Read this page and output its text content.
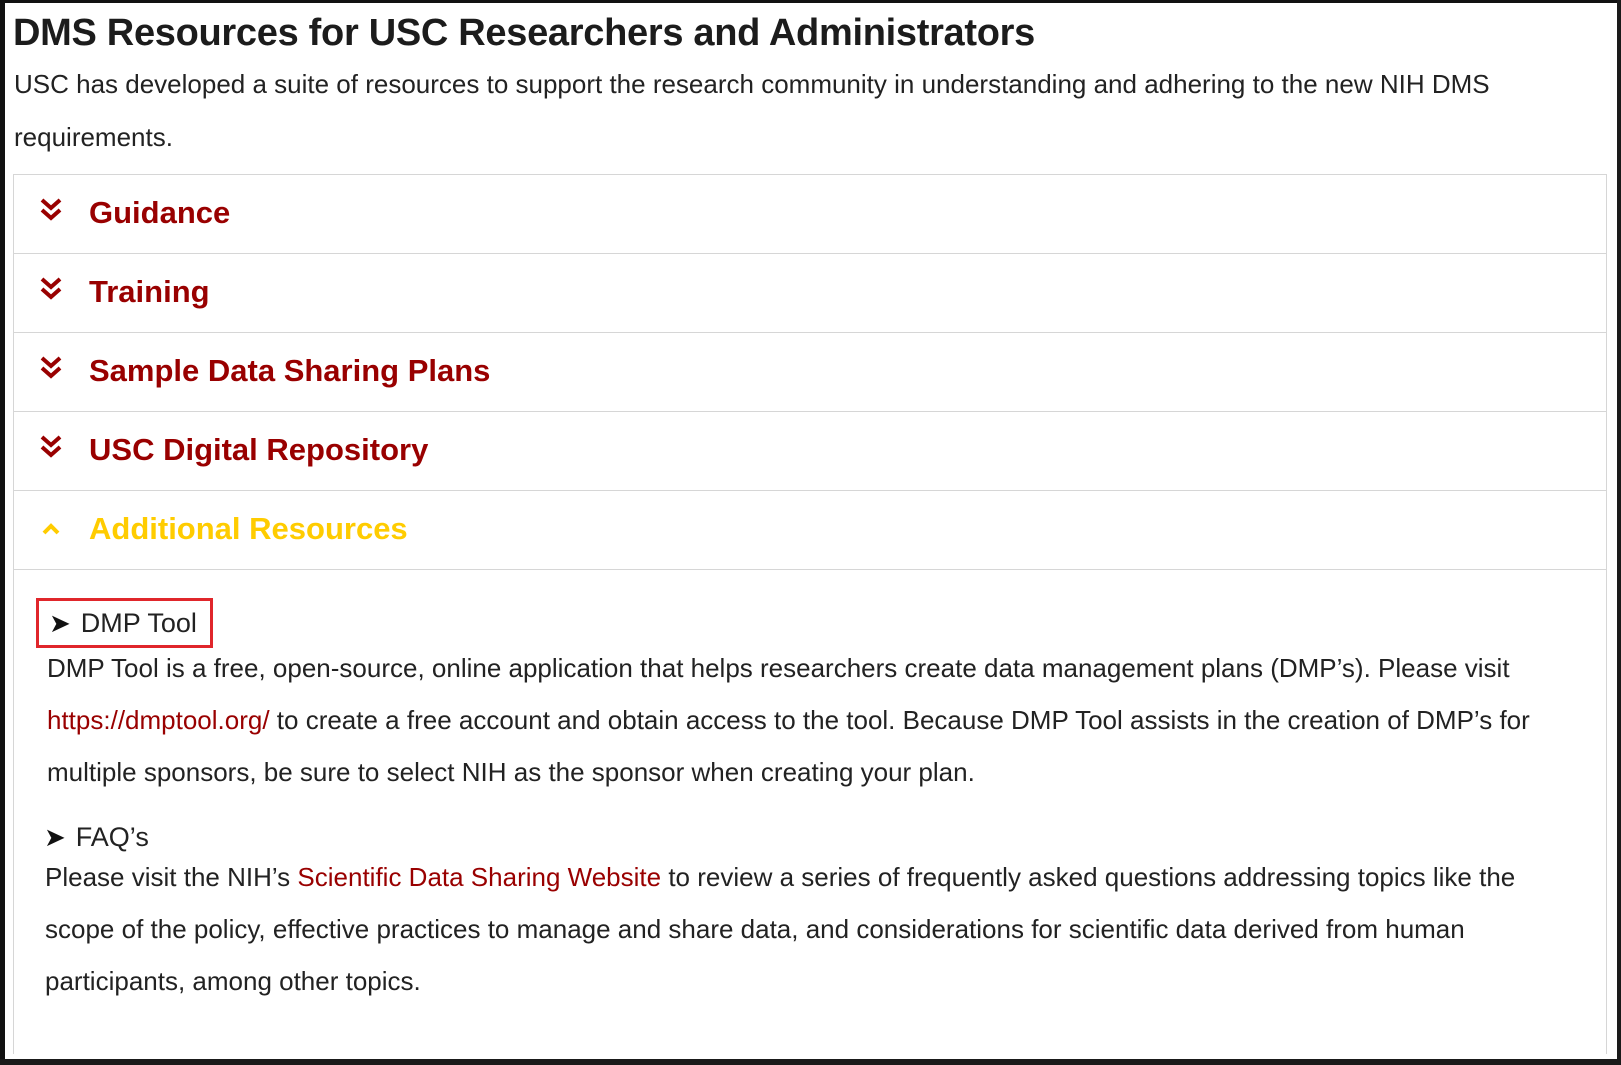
DMS Resources for USC Researchers and Administrators

USC has developed a suite of resources to support the research community in understanding and adhering to the new NIH DMS requirements.

Guidance
Training
Sample Data Sharing Plans
USC Digital Repository
Additional Resources
➤ DMP Tool

DMP Tool is a free, open-source, online application that helps researchers create data management plans (DMP’s). Please visit https://dmptool.org/ to create a free account and obtain access to the tool. Because DMP Tool assists in the creation of DMP’s for multiple sponsors, be sure to select NIH as the sponsor when creating your plan.

➤ FAQ’s

Please visit the NIH’s Scientific Data Sharing Website to review a series of frequently asked questions addressing topics like the scope of the policy, effective practices to manage and share data, and considerations for scientific data derived from human participants, among other topics.
